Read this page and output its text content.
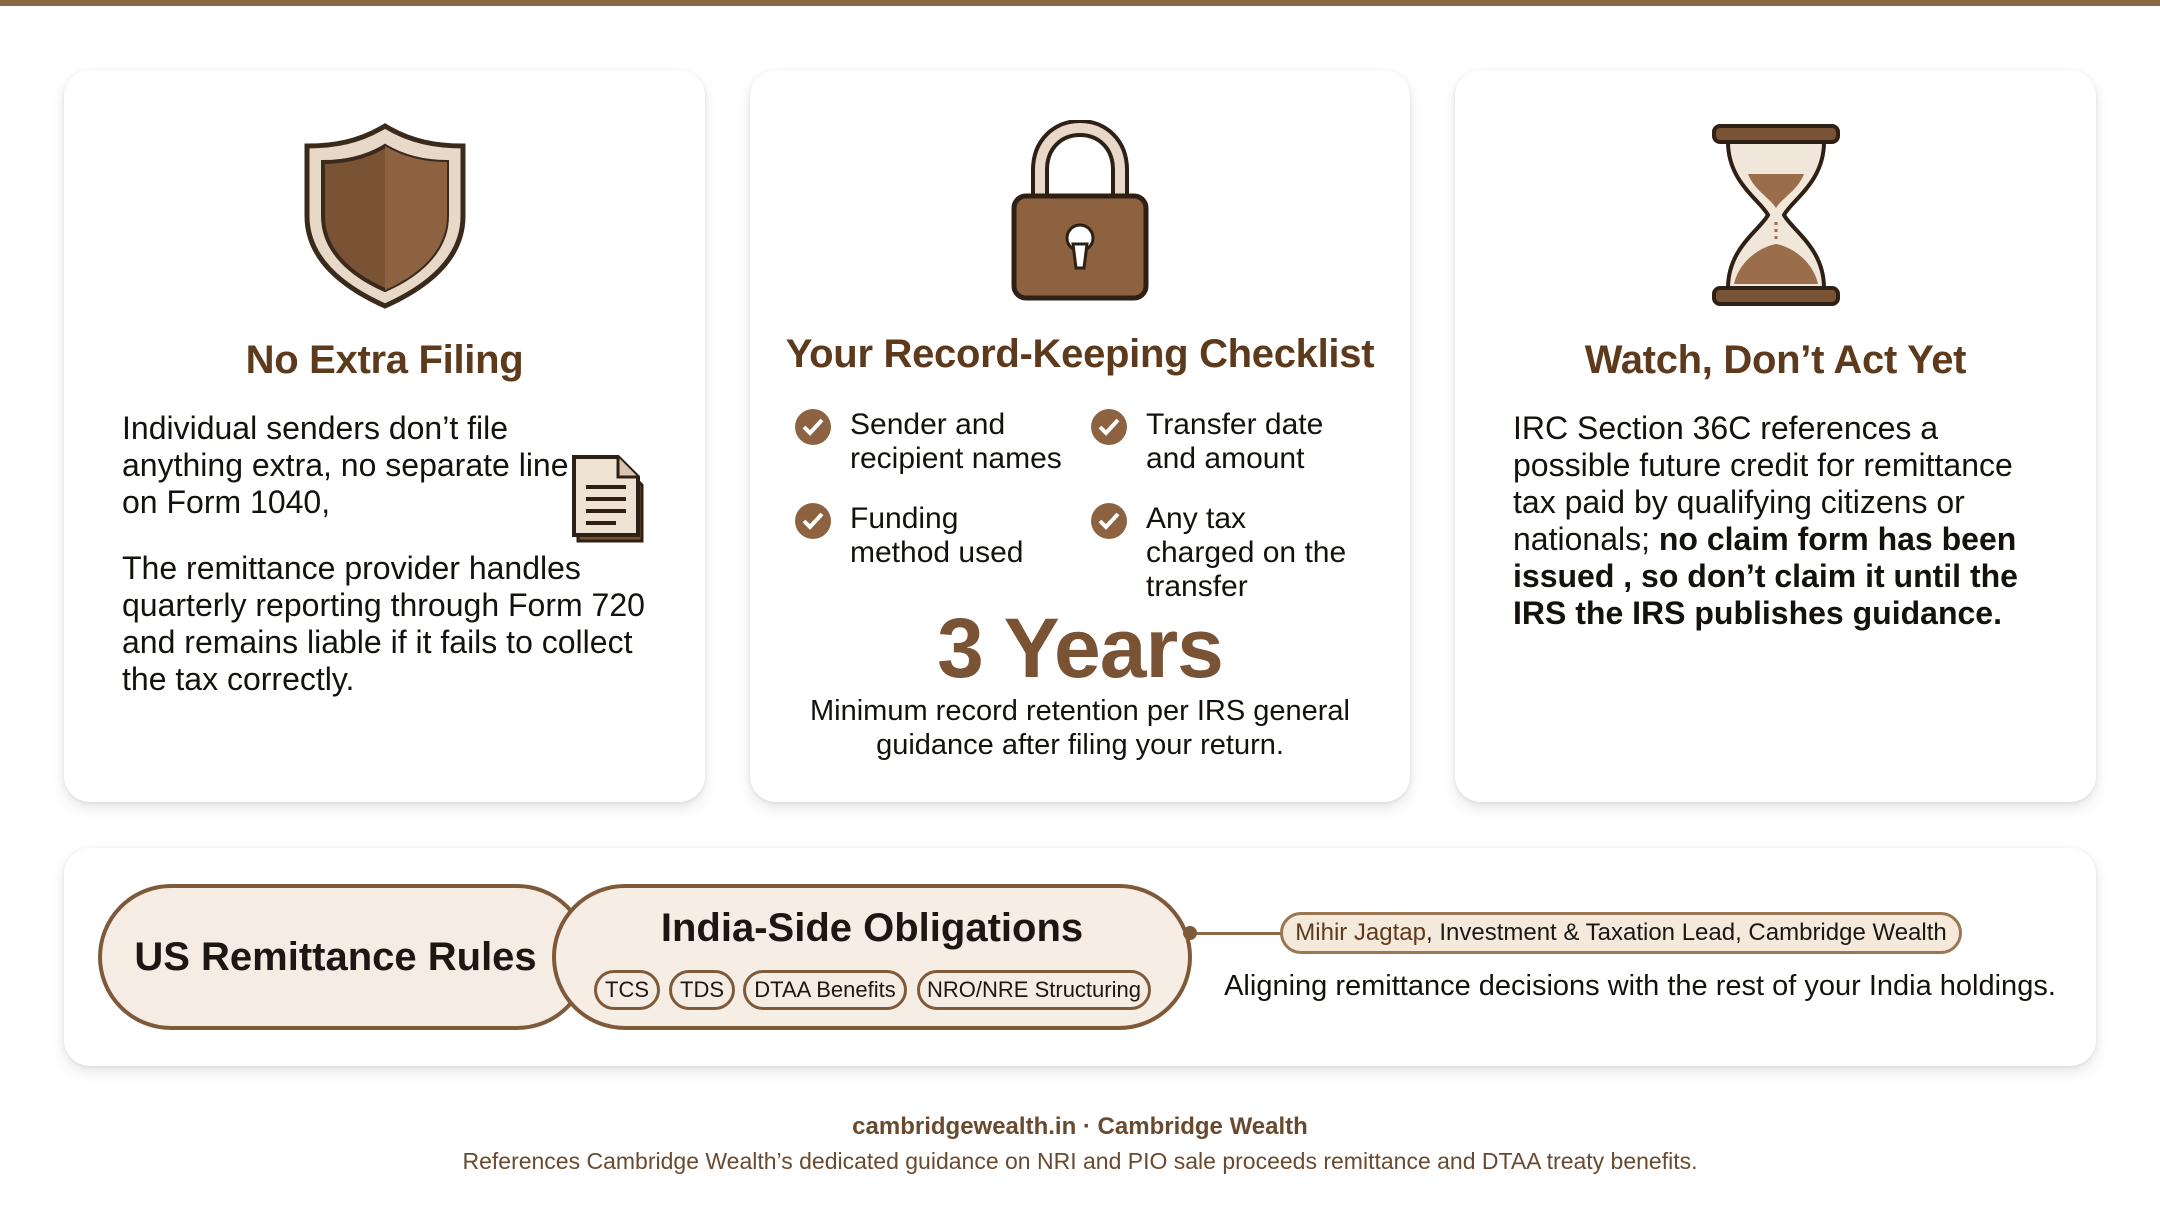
No Extra Filing
Individual senders don’t file anything extra, no separate line on Form 1040,
The remittance provider handles quarterly reporting through Form 720 and remains liable if it fails to collect the tax correctly.
Your Record-Keeping Checklist
Sender and recipient names
Transfer date and amount
Funding method used
Any tax charged on the transfer
3 Years
Minimum record retention per IRS general guidance after filing your return.
Watch, Don’t Act Yet
IRC Section 36C references a possible future credit for remittance tax paid by qualifying citizens or nationals; no claim form has been issued , so don’t claim it until the IRS the IRS publishes guidance.
US Remittance Rules
India-Side Obligations
TCS	TDS	DTAA Benefits	NRO/NRE Structuring
Mihir Jagtap, Investment & Taxation Lead, Cambridge Wealth
Aligning remittance decisions with the rest of your India holdings.
cambridgewealth.in · Cambridge Wealth
References Cambridge Wealth’s dedicated guidance on NRI and PIO sale proceeds remittance and DTAA treaty benefits.
